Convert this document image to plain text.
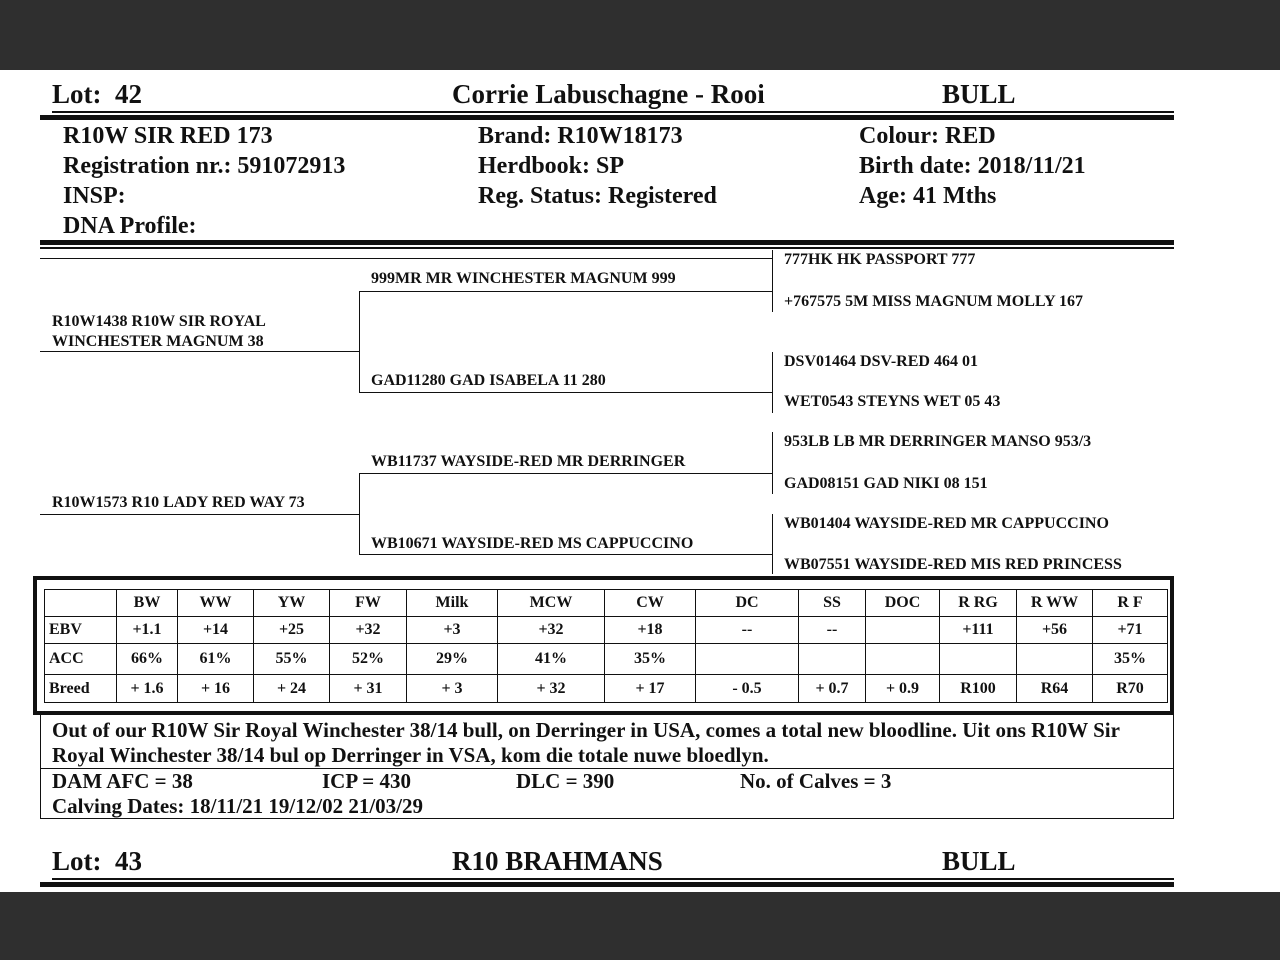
Lot: 42	Corrie Labuschagne - Rooi	BULL
R10W SIR RED 173
Registration nr.: 591072913
INSP:
DNA Profile:
Brand: R10W18173
Herdbook: SP
Reg. Status: Registered
Colour: RED
Birth date: 2018/11/21
Age: 41 Mths
R10W1438 R10W SIR ROYAL
WINCHESTER MAGNUM 38
R10W1573 R10 LADY RED WAY 73
999MR MR WINCHESTER MAGNUM 999
GAD11280 GAD ISABELA 11 280
WB11737 WAYSIDE-RED MR DERRINGER
WB10671 WAYSIDE-RED MS CAPPUCCINO
777HK HK PASSPORT 777
+767575 5M MISS MAGNUM MOLLY 167
DSV01464 DSV-RED 464 01
WET0543 STEYNS WET 05 43
953LB LB MR DERRINGER MANSO 953/3
GAD08151 GAD NIKI 08 151
WB01404 WAYSIDE-RED MR CAPPUCCINO
WB07551 WAYSIDE-RED MIS RED PRINCESS
	BW	WW	YW	FW	Milk	MCW	CW	DC	SS	DOC	R RG	R WW	R F
EBV	+1.1	+14	+25	+32	+3	+32	+18	--	--		+111	+56	+71
ACC	66%	61%	55%	52%	29%	41%	35%						35%
Breed	+ 1.6	+ 16	+ 24	+ 31	+ 3	+ 32	+ 17	- 0.5	+ 0.7	+ 0.9	R100	R64	R70
Out of our R10W Sir Royal Winchester 38/14 bull, on Derringer in USA, comes a total new bloodline. Uit ons R10W Sir
Royal Winchester 38/14 bul op Derringer in VSA, kom die totale nuwe bloedlyn.
DAM AFC = 38	ICP = 430	DLC = 390	No. of Calves = 3
Calving Dates: 18/11/21 19/12/02 21/03/29
Lot: 43	R10 BRAHMANS	BULL
